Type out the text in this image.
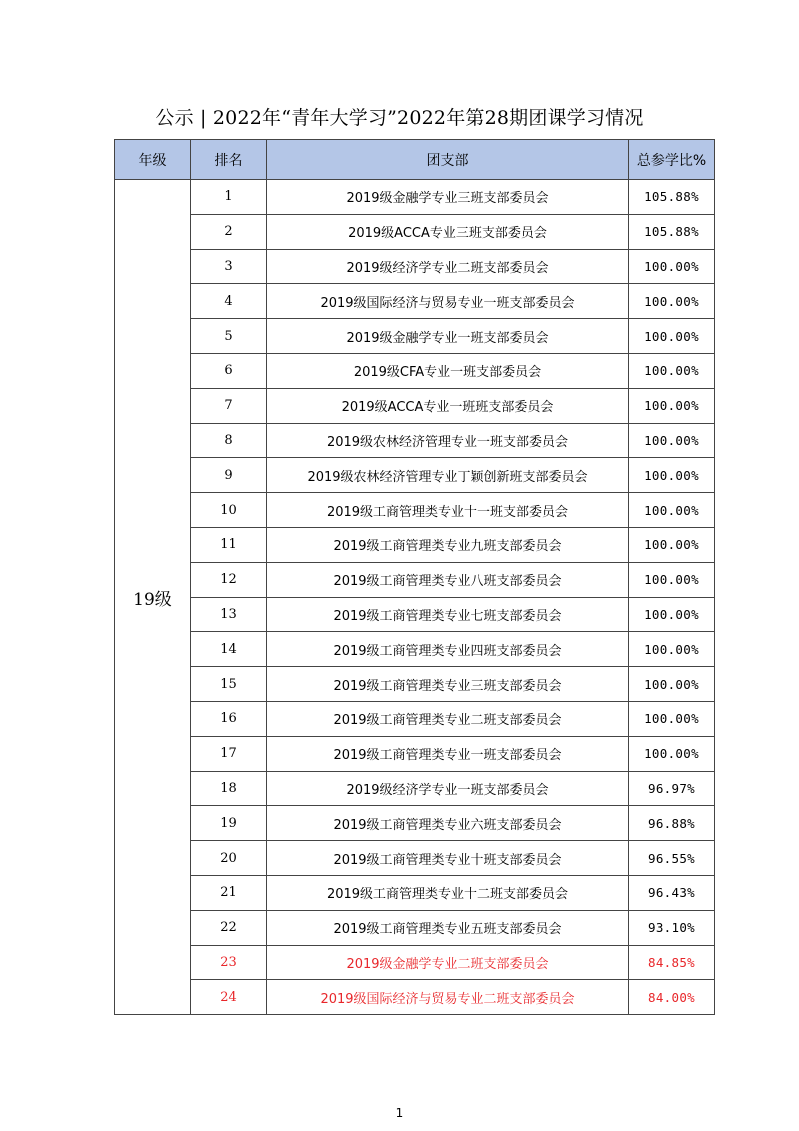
公示 | 2022年“青年大学习”2022年第28期团课学习情况
年级	排名	团支部	总参学比%
19级	1	2019级金融学专业三班支部委员会	105.88%
	2	2019级ACCA专业三班支部委员会	105.88%
	3	2019级经济学专业二班支部委员会	100.00%
	4	2019级国际经济与贸易专业一班支部委员会	100.00%
	5	2019级金融学专业一班支部委员会	100.00%
	6	2019级CFA专业一班支部委员会	100.00%
	7	2019级ACCA专业一班班支部委员会	100.00%
	8	2019级农林经济管理专业一班支部委员会	100.00%
	9	2019级农林经济管理专业丁颖创新班支部委员会	100.00%
	10	2019级工商管理类专业十一班支部委员会	100.00%
	11	2019级工商管理类专业九班支部委员会	100.00%
	12	2019级工商管理类专业八班支部委员会	100.00%
	13	2019级工商管理类专业七班支部委员会	100.00%
	14	2019级工商管理类专业四班支部委员会	100.00%
	15	2019级工商管理类专业三班支部委员会	100.00%
	16	2019级工商管理类专业二班支部委员会	100.00%
	17	2019级工商管理类专业一班支部委员会	100.00%
	18	2019级经济学专业一班支部委员会	96.97%
	19	2019级工商管理类专业六班支部委员会	96.88%
	20	2019级工商管理类专业十班支部委员会	96.55%
	21	2019级工商管理类专业十二班支部委员会	96.43%
	22	2019级工商管理类专业五班支部委员会	93.10%
	23	2019级金融学专业二班支部委员会	84.85%
	24	2019级国际经济与贸易专业二班支部委员会	84.00%
1
